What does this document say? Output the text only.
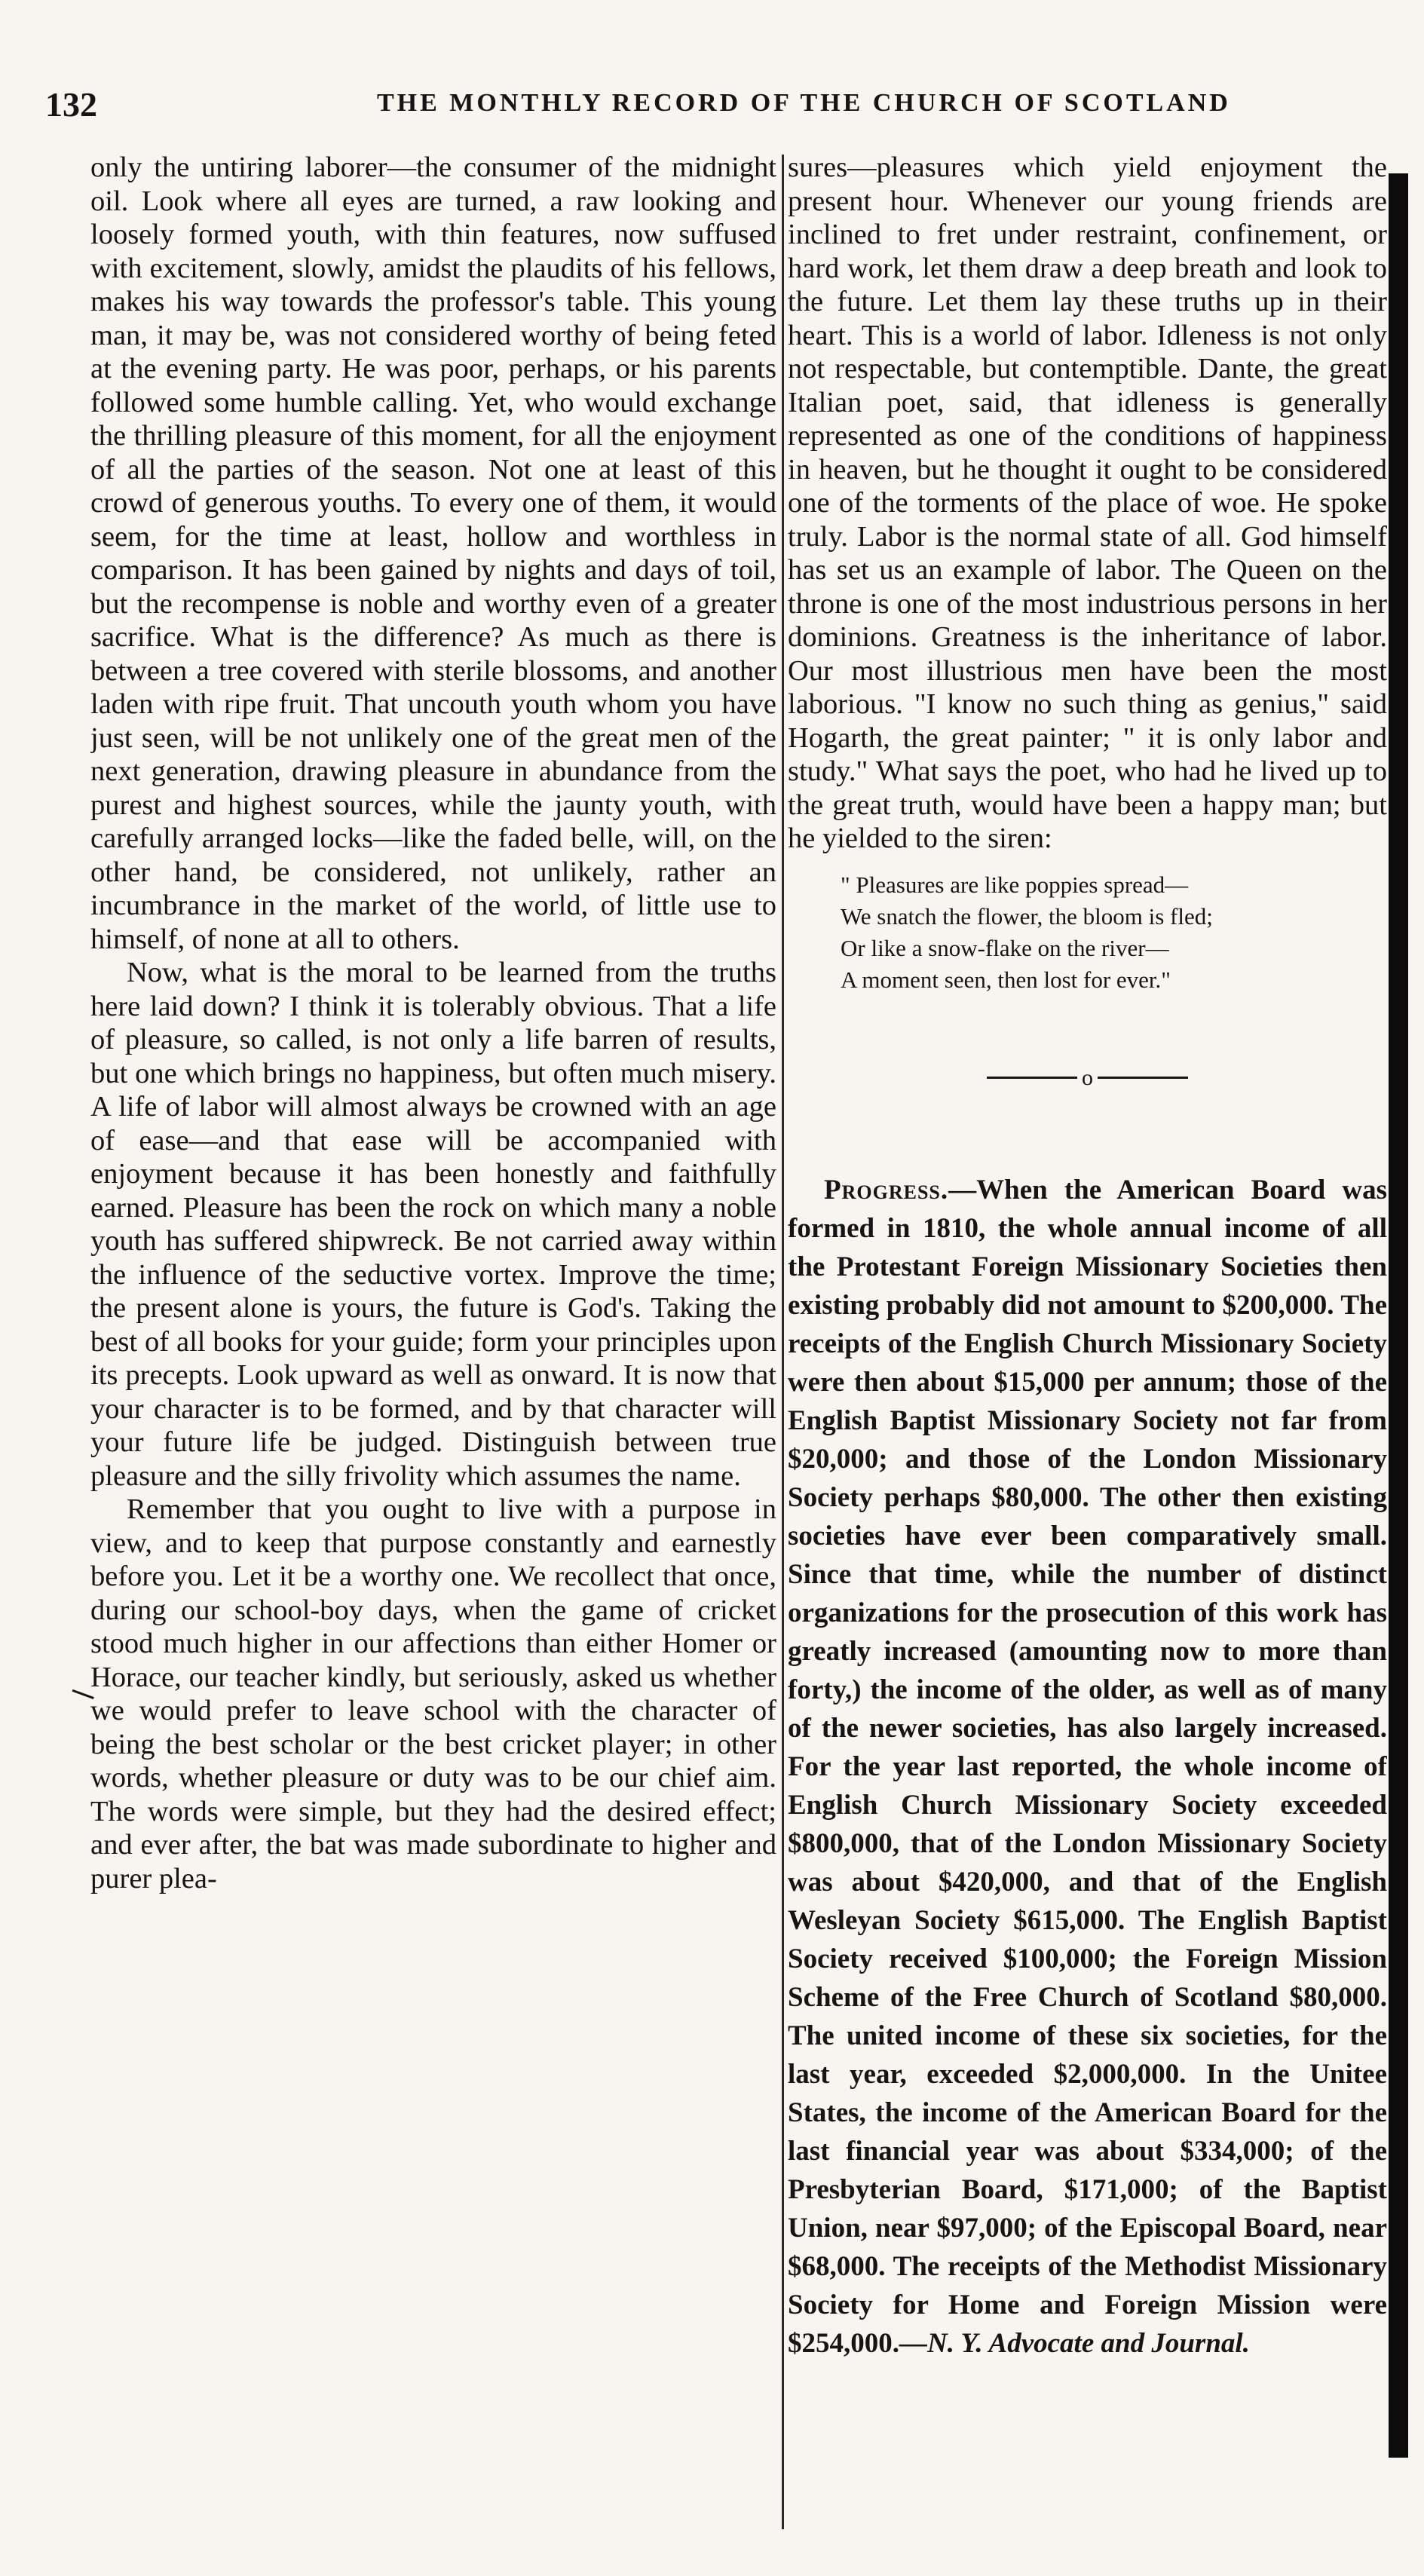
132	THE MONTHLY RECORD OF THE CHURCH OF SCOTLAND

only the untiring laborer—the consumer of the midnight oil. Look where all eyes are turned, a raw looking and loosely formed youth, with thin features, now suffused with excitement, slowly, amidst the plaudits of his fellows, makes his way towards the professor's table. This young man, it may be, was not considered worthy of being feted at the evening party. He was poor, perhaps, or his parents followed some humble calling. Yet, who would exchange the thrilling pleasure of this moment, for all the enjoyment of all the parties of the season. Not one at least of this crowd of generous youths. To every one of them, it would seem, for the time at least, hollow and worthless in comparison. It has been gained by nights and days of toil, but the recompense is noble and worthy even of a greater sacrifice. What is the difference? As much as there is between a tree covered with sterile blossoms, and another laden with ripe fruit. That uncouth youth whom you have just seen, will be not unlikely one of the great men of the next generation, drawing pleasure in abundance from the purest and highest sources, while the jaunty youth, with carefully arranged locks—like the faded belle, will, on the other hand, be considered, not unlikely, rather an incumbrance in the market of the world, of little use to himself, of none at all to others.

Now, what is the moral to be learned from the truths here laid down? I think it is tolerably obvious. That a life of pleasure, so called, is not only a life barren of results, but one which brings no happiness, but often much misery. A life of labor will almost always be crowned with an age of ease—and that ease will be accompanied with enjoyment because it has been honestly and faithfully earned. Pleasure has been the rock on which many a noble youth has suffered shipwreck. Be not carried away within the influence of the seductive vortex. Improve the time; the present alone is yours, the future is God's. Taking the best of all books for your guide; form your principles upon its precepts. Look upward as well as onward. It is now that your character is to be formed, and by that character will your future life be judged. Distinguish between true pleasure and the silly frivolity which assumes the name.

Remember that you ought to live with a purpose in view, and to keep that purpose constantly and earnestly before you. Let it be a worthy one. We recollect that once, during our school-boy days, when the game of cricket stood much higher in our affections than either Homer or Horace, our teacher kindly, but seriously, asked us whether we would prefer to leave school with the character of being the best scholar or the best cricket player; in other words, whether pleasure or duty was to be our chief aim. The words were simple, but they had the desired effect; and ever after, the bat was made subordinate to higher and purer plea-

sures—pleasures which yield enjoyment the present hour. Whenever our young friends are inclined to fret under restraint, confinement, or hard work, let them draw a deep breath and look to the future. Let them lay these truths up in their heart. This is a world of labor. Idleness is not only not respectable, but contemptible. Dante, the great Italian poet, said, that idleness is generally represented as one of the conditions of happiness in heaven, but he thought it ought to be considered one of the torments of the place of woe. He spoke truly. Labor is the normal state of all. God himself has set us an example of labor. The Queen on the throne is one of the most industrious persons in her dominions. Greatness is the inheritance of labor. Our most illustrious men have been the most laborious. "I know no such thing as genius," said Hogarth, the great painter; " it is only labor and study." What says the poet, who had he lived up to the great truth, would have been a happy man; but he yielded to the siren:

" Pleasures are like poppies spread—
We snatch the flower, the bloom is fled;
Or like a snow-flake on the river—
A moment seen, then lost for ever."
o

Progress.—When the American Board was formed in 1810, the whole annual income of all the Protestant Foreign Missionary Societies then existing probably did not amount to $200,000. The receipts of the English Church Missionary Society were then about $15,000 per annum; those of the English Baptist Missionary Society not far from $20,000; and those of the London Missionary Society perhaps $80,000. The other then existing societies have ever been comparatively small. Since that time, while the number of distinct organizations for the prosecution of this work has greatly increased (amounting now to more than forty,) the income of the older, as well as of many of the newer societies, has also largely increased. For the year last reported, the whole income of English Church Missionary Society exceeded $800,000, that of the London Missionary Society was about $420,000, and that of the English Wesleyan Society $615,000. The English Baptist Society received $100,000; the Foreign Mission Scheme of the Free Church of Scotland $80,000. The united income of these six societies, for the last year, exceeded $2,000,000. In the Unitee States, the income of the American Board for the last financial year was about $334,000; of the Presbyterian Board, $171,000; of the Baptist Union, near $97,000; of the Episcopal Board, near $68,000. The receipts of the Methodist Missionary Society for Home and Foreign Mission were $254,000.—N. Y. Advocate and Journal.
